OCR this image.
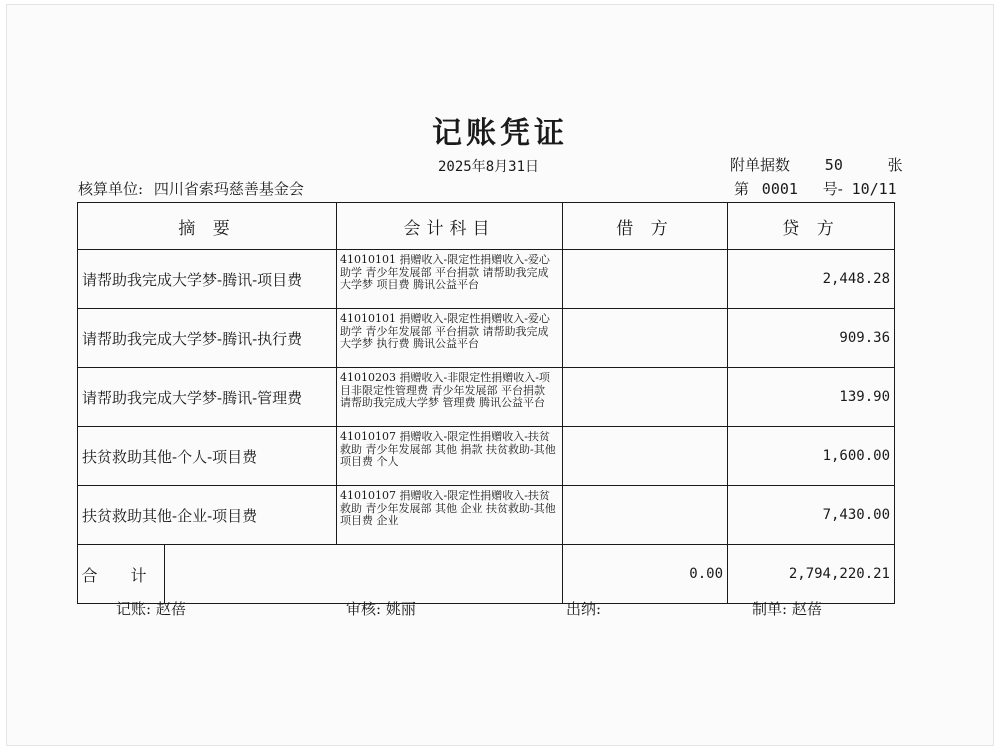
记账凭证
2025年8月31日	附单据数 50	张
核算单位: 四川省索玛慈善基金会	第 0001 号- 10/11
摘 要	会计科目	借 方	贷 方
请帮助我完成大学梦-腾讯-项目费	41010101 捐赠收入-限定性捐赠收入-爱心助学 青少年发展部 平台捐款 请帮助我完成大学梦 项目费 腾讯公益平台		2,448.28
请帮助我完成大学梦-腾讯-执行费	41010101 捐赠收入-限定性捐赠收入-爱心助学 青少年发展部 平台捐款 请帮助我完成大学梦 执行费 腾讯公益平台		909.36
请帮助我完成大学梦-腾讯-管理费	41010203 捐赠收入-非限定性捐赠收入-项目非限定性管理费 青少年发展部 平台捐款 请帮助我完成大学梦 管理费 腾讯公益平台		139.90
扶贫救助其他-个人-项目费	41010107 捐赠收入-限定性捐赠收入-扶贫救助 青少年发展部 其他 捐款 扶贫救助-其他 项目费 个人		1,600.00
扶贫救助其他-企业-项目费	41010107 捐赠收入-限定性捐赠收入-扶贫救助 青少年发展部 其他 企业 扶贫救助-其他 项目费 企业		7,430.00

合 计		0.00	2,794,220.21
记账: 赵蓓	审核: 姚丽	出纳:	制单: 赵蓓
